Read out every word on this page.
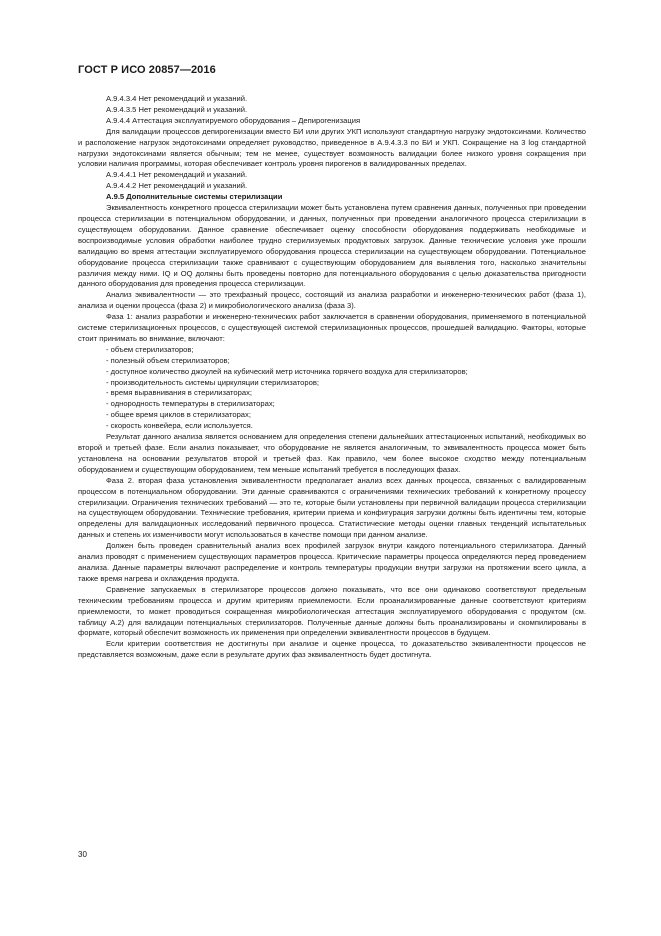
ГОСТ Р ИСО 20857—2016

А.9.4.3.4 Нет рекомендаций и указаний.

А.9.4.3.5 Нет рекомендаций и указаний.

А.9.4.4 Аттестация эксплуатируемого оборудования – Депирогенизация

Для валидации процессов депирогенизации вместо БИ или других УКП используют стандартную нагрузку эндотоксинами. Количество и расположение нагрузок эндотоксинами определяет руководство, приведенное в А.9.4.3.3 по БИ и УКП. Сокращение на 3 log стандартной нагрузки эндотоксинами является обычным; тем не менее, существует возможность валидации более низкого уровня сокращения при условии наличия программы, которая обеспечивает контроль уровня пирогенов в валидированных пределах.

А.9.4.4.1 Нет рекомендаций и указаний.

А.9.4.4.2 Нет рекомендаций и указаний.

А.9.5 Дополнительные системы стерилизации

Эквивалентность конкретного процесса стерилизации может быть установлена путем сравнения данных, полученных при проведении процесса стерилизации в потенциальном оборудовании, и данных, полученных при проведении аналогичного процесса стерилизации в существующем оборудовании. Данное сравнение обеспечивает оценку способности оборудования поддерживать необходимые и воспроизводимые условия обработки наиболее трудно стерилизуемых продуктовых загрузок. Данные технические условия уже прошли валидацию во время аттестации эксплуатируемого оборудования процесса стерилизации на существующем оборудовании. Потенциальное оборудование процесса стерилизации также сравнивают с существующим оборудованием для выявления того, насколько значительны различия между ними. IQ и OQ должны быть проведены повторно для потенциального оборудования с целью доказательства пригодности данного оборудования для проведения процесса стерилизации.

Анализ эквивалентности — это трехфазный процесс, состоящий из анализа разработки и инженерно-технических работ (фаза 1), анализа и оценки процесса (фаза 2) и микробиологического анализа (фаза 3).

Фаза 1: анализ разработки и инженерно-технических работ заключается в сравнении оборудования, применяемого в потенциальной системе стерилизационных процессов, с существующей системой стерилизационных процессов, прошедшей валидацию. Факторы, которые стоит принимать во внимание, включают:

- объем стерилизаторов;

- полезный объем стерилизаторов;

- доступное количество джоулей на кубический метр источника горячего воздуха для стерилизаторов;

- производительность системы циркуляции стерилизаторов;

- время выравнивания в стерилизаторах;

- однородность температуры в стерилизаторах;

- общее время циклов в стерилизаторах;

- скорость конвейера, если используется.

Результат данного анализа является основанием для определения степени дальнейших аттестационных испытаний, необходимых во второй и третьей фазе. Если анализ показывает, что оборудование не является аналогичным, то эквивалентность процесса может быть установлена на основании результатов второй и третьей фаз. Как правило, чем более высокое сходство между потенциальным оборудованием и существующим оборудованием, тем меньше испытаний требуется в последующих фазах.

Фаза 2. вторая фаза установления эквивалентности предполагает анализ всех данных процесса, связанных с валидированным процессом в потенциальном оборудовании. Эти данные сравниваются с ограничениями технических требований к конкретному процессу стерилизации. Ограничения технических требований — это те, которые были установлены при первичной валидации процесса стерилизации на существующем оборудовании. Технические требования, критерии приема и конфигурация загрузки должны быть идентичны тем, которые определены для валидационных исследований первичного процесса. Статистические методы оценки главных тенденций испытательных данных и степень их изменчивости могут использоваться в качестве помощи при данном анализе.

Должен быть проведен сравнительный анализ всех профилей загрузок внутри каждого потенциального стерилизатора. Данный анализ проводят с применением существующих параметров процесса. Критические параметры процесса определяются перед проведением анализа. Данные параметры включают распределение и контроль температуры продукции внутри загрузки на протяжении всего цикла, а также время нагрева и охлаждения продукта.

Сравнение запускаемых в стерилизаторе процессов должно показывать, что все они одинаково соответствуют предельным техническим требованиям процесса и другим критериям приемлемости. Если проанализированные данные соответствуют критериям приемлемости, то может проводиться сокращенная микробиологическая аттестация эксплуатируемого оборудования с продуктом (см. таблицу А.2) для валидации потенциальных стерилизаторов. Полученные данные должны быть проанализированы и скомпилированы в формате, который обеспечит возможность их применения при определении эквивалентности процессов в будущем.

Если критерии соответствия не достигнуты при анализе и оценке процесса, то доказательство эквивалентности процессов не представляется возможным, даже если в результате других фаз эквивалентность будет достигнута.

30
